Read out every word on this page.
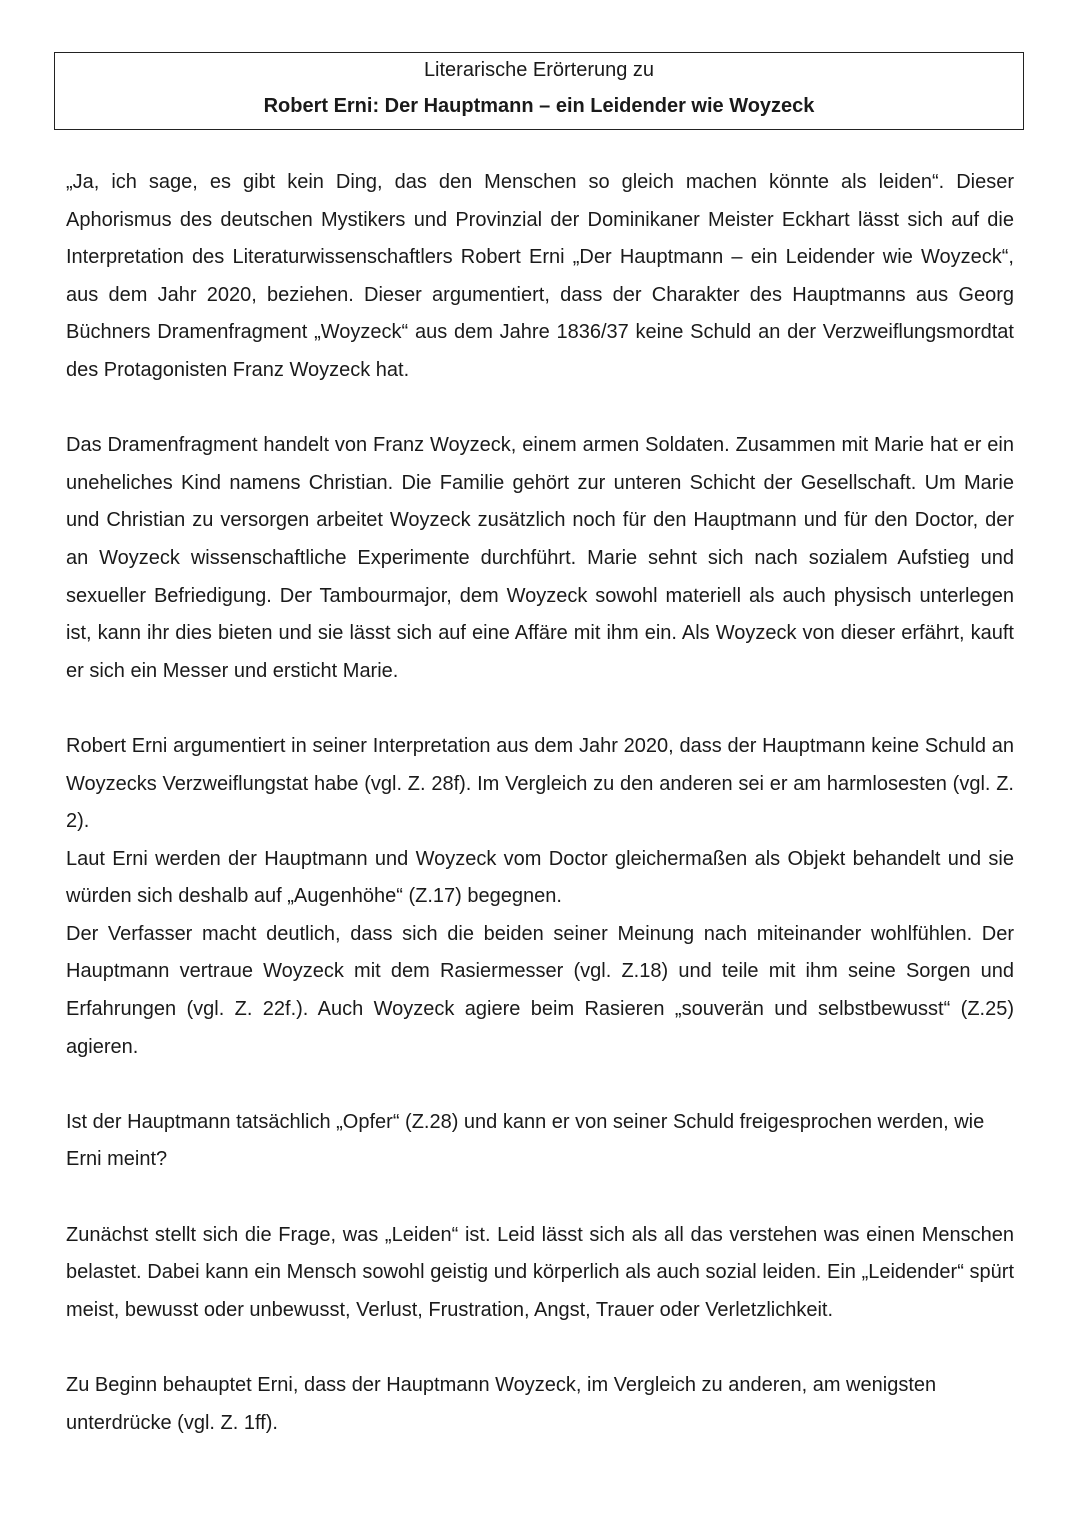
Literarische Erörterung zu
Robert Erni: Der Hauptmann – ein Leidender wie Woyzeck

„Ja, ich sage, es gibt kein Ding, das den Menschen so gleich machen könnte als leiden“. Dieser Aphorismus des deutschen Mystikers und Provinzial der Dominikaner Meister Eckhart lässt sich auf die Interpretation des Literaturwissenschaftlers Robert Erni „Der Hauptmann – ein Leidender wie Woyzeck“, aus dem Jahr 2020, beziehen. Dieser argumentiert, dass der Charakter des Hauptmanns aus Georg Büchners Dramenfragment „Woyzeck“ aus dem Jahre 1836/37 keine Schuld an der Verzweiflungsmordtat des Protagonisten Franz Woyzeck hat.

Das Dramenfragment handelt von Franz Woyzeck, einem armen Soldaten. Zusammen mit Marie hat er ein uneheliches Kind namens Christian. Die Familie gehört zur unteren Schicht der Gesellschaft. Um Marie und Christian zu versorgen arbeitet Woyzeck zusätzlich noch für den Hauptmann und für den Doctor, der an Woyzeck wissenschaftliche Experimente durchführt. Marie sehnt sich nach sozialem Aufstieg und sexueller Befriedigung. Der Tambourmajor, dem Woyzeck sowohl materiell als auch physisch unterlegen ist, kann ihr dies bieten und sie lässt sich auf eine Affäre mit ihm ein. Als Woyzeck von dieser erfährt, kauft er sich ein Messer und ersticht Marie.

Robert Erni argumentiert in seiner Interpretation aus dem Jahr 2020, dass der Hauptmann keine Schuld an Woyzecks Verzweiflungstat habe (vgl. Z. 28f). Im Vergleich zu den anderen sei er am harmlosesten (vgl. Z. 2).

Laut Erni werden der Hauptmann und Woyzeck vom Doctor gleichermaßen als Objekt behandelt und sie würden sich deshalb auf „Augenhöhe“ (Z.17) begegnen.

Der Verfasser macht deutlich, dass sich die beiden seiner Meinung nach miteinander wohlfühlen. Der Hauptmann vertraue Woyzeck mit dem Rasiermesser (vgl. Z.18) und teile mit ihm seine Sorgen und Erfahrungen (vgl. Z. 22f.). Auch Woyzeck agiere beim Rasieren „souverän und selbstbewusst“ (Z.25) agieren.

Ist der Hauptmann tatsächlich „Opfer“ (Z.28) und kann er von seiner Schuld freigesprochen werden, wie Erni meint?

Zunächst stellt sich die Frage, was „Leiden“ ist. Leid lässt sich als all das verstehen was einen Menschen belastet. Dabei kann ein Mensch sowohl geistig und körperlich als auch sozial leiden. Ein „Leidender“ spürt meist, bewusst oder unbewusst, Verlust, Frustration, Angst, Trauer oder Verletzlichkeit.

Zu Beginn behauptet Erni, dass der Hauptmann Woyzeck, im Vergleich zu anderen, am wenigsten unterdrücke (vgl. Z. 1ff).
